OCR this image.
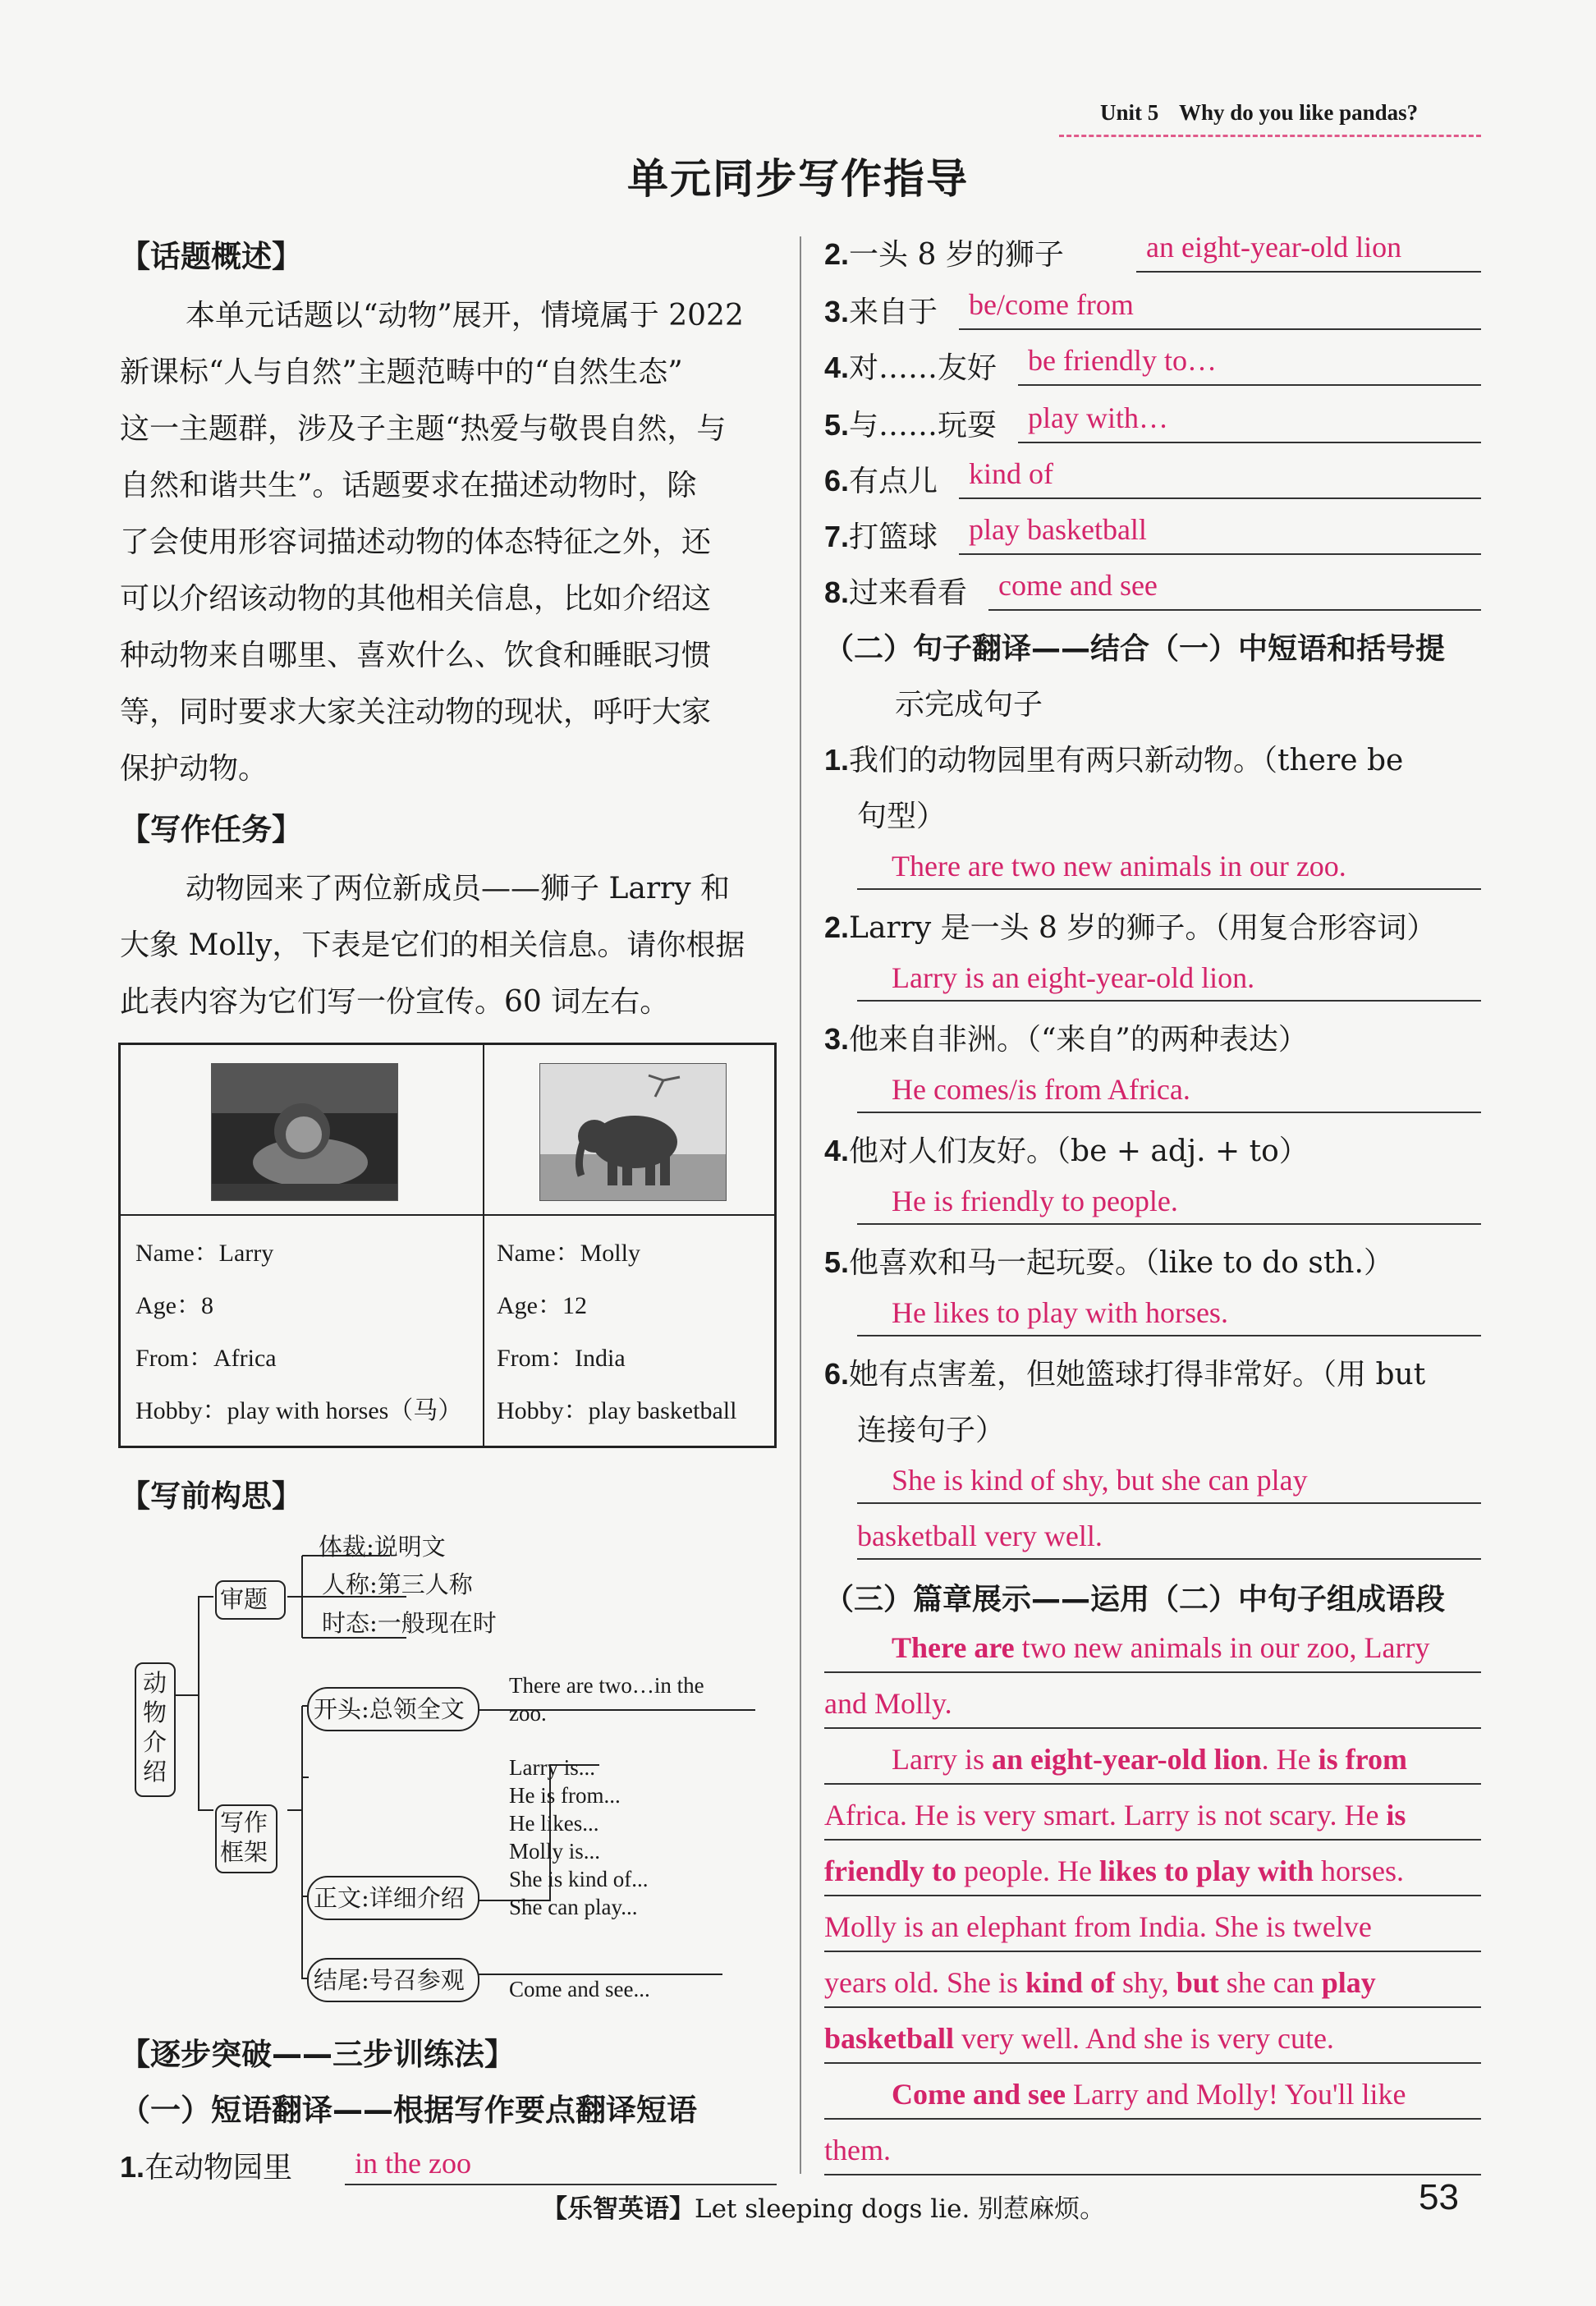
Unit 5 Why do you like pandas?
单元同步写作指导
【话题概述】
本单元话题以“动物”展开，情境属于 2022
新课标“人与自然”主题范畴中的“自然生态”
这一主题群，涉及子主题“热爱与敬畏自然，与
自然和谐共生”。话题要求在描述动物时，除
了会使用形容词描述动物的体态特征之外，还
可以介绍该动物的其他相关信息，比如介绍这
种动物来自哪里、喜欢什么、饮食和睡眠习惯
等，同时要求大家关注动物的现状，呼吁大家
保护动物。
【写作任务】
动物园来了两位新成员——狮子 Larry 和
大象 Molly，下表是它们的相关信息。请你根据
此表内容为它们写一份宣传。60 词左右。
Name：Larry
Age：8
From：Africa
Hobby：play with horses（马）
Name：Molly
Age：12
From：India
Hobby：play basketball
【写前构思】
动物介绍
审题
体裁:说明文
人称:第三人称
时态:一般现在时
写作框架
开头:总领全文
There are two…in the
zoo.
Larry is...
He is from...
He likes...
Molly is...
She is kind of...
She can play...
正文:详细介绍
结尾:号召参观 Come and see...
【逐步突破——三步训练法】
（一）短语翻译——根据写作要点翻译短语
1.在动物园里 in the zoo
2.一头 8 岁的狮子	an eight-year-old lion
3.来自于 be/come from
4.对……友好 be friendly to…
5.与……玩耍 play with…
6.有点儿 kind of
7.打篮球 play basketball
8.过来看看 come and see
（二）句子翻译——结合（一）中短语和括号提
示完成句子
1.我们的动物园里有两只新动物。（there be
句型）
There are two new animals in our zoo.
2.Larry 是一头 8 岁的狮子。（用复合形容词）
Larry is an eight-year-old lion.
3.他来自非洲。（“来自”的两种表达）
He comes/is from Africa.
4.他对人们友好。（be + adj. + to）
He is friendly to people.
5.他喜欢和马一起玩耍。（like to do sth.）
He likes to play with horses.
6.她有点害羞，但她篮球打得非常好。（用 but
连接句子）
She is kind of shy, but she can play
basketball very well.
（三）篇章展示——运用（二）中句子组成语段
There are two new animals in our zoo, Larry
and Molly.
Larry is an eight-year-old lion. He is from
Africa. He is very smart. Larry is not scary. He is
friendly to people. He likes to play with horses.
Molly is an elephant from India. She is twelve
years old. She is kind of shy, but she can play
basketball very well. And she is very cute.
Come and see Larry and Molly! You'll like
them.
【乐智英语】Let sleeping dogs lie. 别惹麻烦。	53
